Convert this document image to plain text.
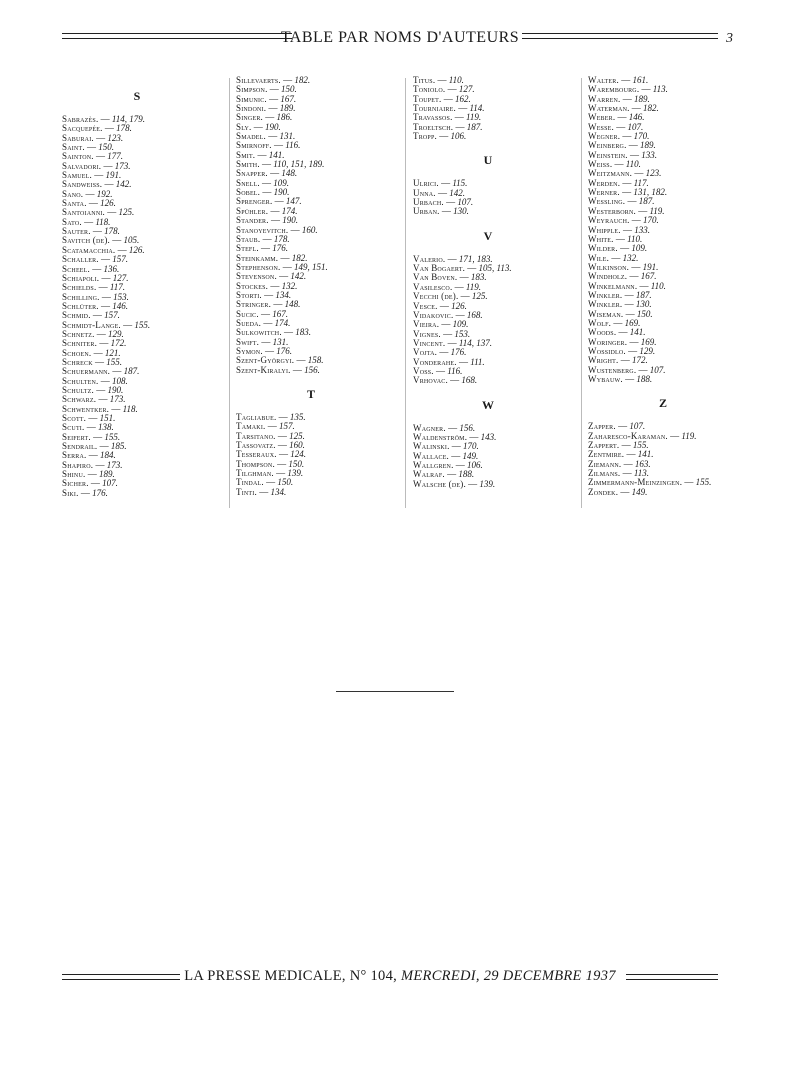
TABLE PAR NOMS D'AUTEURS	3
S
Sabrazès. — 114, 179.
Sacquepée. — 178.
Saburai. — 123.
Saint. — 150.
Sainton. — 177.
Salvadori. — 173.
Samuel. — 191.
Sandweiss. — 142.
Sano. — 192.
Santa. — 126.
Santoianni. — 125.
Sato. — 118.
Sauter. — 178.
Savitch (de). — 105.
Scatamacchia. — 126.
Schaller. — 157.
Scheel. — 136.
Schiapoli. — 127.
Schields. — 117.
Schilling. — 153.
Schlüter. — 146.
Schmid. — 157.
Schmidt-Lange. — 155.
Schnetz. — 129.
Schniter. — 172.
Schoen. — 121.
Schreck — 155.
Schuermann. — 187.
Schulten. — 108.
Schultz. — 190.
Schwarz. — 173.
Schwentker. — 118.
Scott. — 151.
Scuti. — 138.
Seifert. — 155.
Sendrail. — 185.
Serra. — 184.
Shapiro. — 173.
Shinu. — 189.
Sicher. — 107.
Siki. — 176.
Sillevaerts. — 182.
Simpson. — 150.
Simunic. — 167.
Sindoni. — 189.
Singer. — 186.
Sly. — 190.
Smadel. — 131.
Smirnoff. — 116.
Smit. — 141.
Smith. — 110, 151, 189.
Snapper. — 148.
Snell. — 109.
Sobel. — 190.
Sprenger. — 147.
Spühler. — 174.
Stander. — 190.
Stanoyevitch. — 160.
Staub. — 178.
Stefl. — 176.
Steinkamm. — 182.
Stephenson. — 149, 151.
Stevenson. — 142.
Stockes. — 132.
Storti. — 134.
Stringer. — 148.
Sucic. — 167.
Sueda. — 174.
Sulkowitch. — 183.
Swift. — 131.
Symon. — 176.
Szent-Györgyi. — 158.
Szent-Kiralyi. — 156.
T
Tagliabue. — 135.
Tamaki. — 157.
Tarsitano. — 125.
Tassovatz. — 160.
Tesseraux. — 124.
Thompson. — 150.
Tilghman. — 139.
Tindal. — 150.
Tinti. — 134.
Titus. — 110.
Toniolo. — 127.
Toupet. — 162.
Tourniaire. — 114.
Travassos. — 119.
Troeltsch. — 187.
Tropp. — 106.
U
Ulrici. — 115.
Unna. — 142.
Urbach. — 107.
Urban. — 130.
V
Valerio. — 171, 183.
Van Bogaert. — 105, 113.
Van Boven. — 183.
Vasilesco. — 119.
Vecchi (de). — 125.
Vesce. — 126.
Vidakovic. — 168.
Vieira. — 109.
Vignes. — 153.
Vincent. — 114, 137.
Vojta. — 176.
Vonderahe. — 111.
Voss. — 116.
Vrhovac. — 168.
W
Wagner. — 156.
Waldenström. — 143.
Walinski. — 170.
Wallace. — 149.
Wallgren. — 106.
Walraf. — 188.
Walsche (de). — 139.
Walter. — 161.
Warembourg. — 113.
Warren. — 189.
Waterman. — 182.
Weber. — 146.
Wesse. — 107.
Wegner. — 170.
Weinberg. — 189.
Weinstein. — 133.
Weiss. — 110.
Weitzmann. — 123.
Werden. — 117.
Werner. — 131, 182.
Wessling. — 187.
Westerborn. — 119.
Weyrauch. — 170.
Whipple. — 133.
White. — 110.
Wilder. — 109.
Wile. — 132.
Wilkinson. — 191.
Windholz. — 167.
Winkelmann. — 110.
Winkler. — 187.
Winkler. — 130.
Wiseman. — 150.
Wolf. — 169.
Woods. — 141.
Woringer. — 169.
Wossidlo. — 129.
Wright. — 172.
Wustenberg. — 107.
Wybauw. — 188.
Z
Zapper. — 107.
Zaharesco-Karaman. — 119.
Zappert. — 155.
Zentmire. — 141.
Ziemann. — 163.
Zilmans. — 113.
Zimmermann-Meinzingen. — 155.
Zondek. — 149.
LA PRESSE MEDICALE, N° 104, MERCREDI, 29 DECEMBRE 1937
